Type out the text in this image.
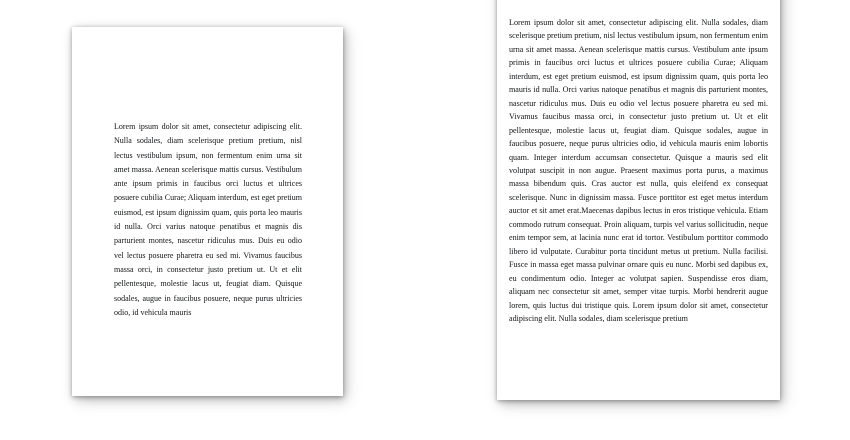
Lorem ipsum dolor sit amet, consectetur adipiscing elit. Nulla sodales, diam scelerisque pretium pretium, nisl lectus vestibulum ipsum, non fermentum enim urna sit amet massa. Aenean scelerisque mattis cursus. Vestibulum ante ipsum primis in faucibus orci luctus et ultrices posuere cubilia Curae; Aliquam interdum, est eget pretium euismod, est ipsum dignissim quam, quis porta leo mauris id nulla. Orci varius natoque penatibus et magnis dis parturient montes, nascetur ridiculus mus. Duis eu odio vel lectus posuere pharetra eu sed mi. Vivamus faucibus massa orci, in consectetur justo pretium ut. Ut et elit pellentesque, molestie lacus ut, feugiat diam. Quisque sodales, augue in faucibus posuere, neque purus ultricies odio, id vehicula mauris

Lorem ipsum dolor sit amet, consectetur adipiscing elit. Nulla sodales, diam scelerisque pretium pretium, nisl lectus vestibulum ipsum, non fermentum enim urna sit amet massa. Aenean scelerisque mattis cursus. Vestibulum ante ipsum primis in faucibus orci luctus et ultrices posuere cubilia Curae; Aliquam interdum, est eget pretium euismod, est ipsum dignissim quam, quis porta leo mauris id nulla. Orci varius natoque penatibus et magnis dis parturient montes, nascetur ridiculus mus. Duis eu odio vel lectus posuere pharetra eu sed mi. Vivamus faucibus massa orci, in consectetur justo pretium ut. Ut et elit pellentesque, molestie lacus ut, feugiat diam. Quisque sodales, augue in faucibus posuere, neque purus ultricies odio, id vehicula mauris enim lobortis quam. Integer interdum accumsan consectetur. Quisque a mauris sed elit volutpat suscipit in non augue. Praesent maximus porta purus, a maximus massa bibendum quis. Cras auctor est nulla, quis eleifend ex consequat scelerisque. Nunc in dignissim massa. Fusce porttitor est eget metus interdum auctor et sit amet erat.Maecenas dapibus lectus in eros tristique vehicula. Etiam commodo rutrum consequat. Proin aliquam, turpis vel varius sollicitudin, neque enim tempor sem, at lacinia nunc erat id tortor. Vestibulum porttitor commodo libero id vulputate. Curabitur porta tincidunt metus ut pretium. Nulla facilisi. Fusce in massa eget massa pulvinar ornare quis eu nunc. Morbi sed dapibus ex, eu condimentum odio. Integer ac volutpat sapien. Suspendisse eros diam, aliquam nec consectetur sit amet, semper vitae turpis. Morbi hendrerit augue lorem, quis luctus dui tristique quis. Lorem ipsum dolor sit amet, consectetur adipiscing elit. Nulla sodales, diam scelerisque pretium
